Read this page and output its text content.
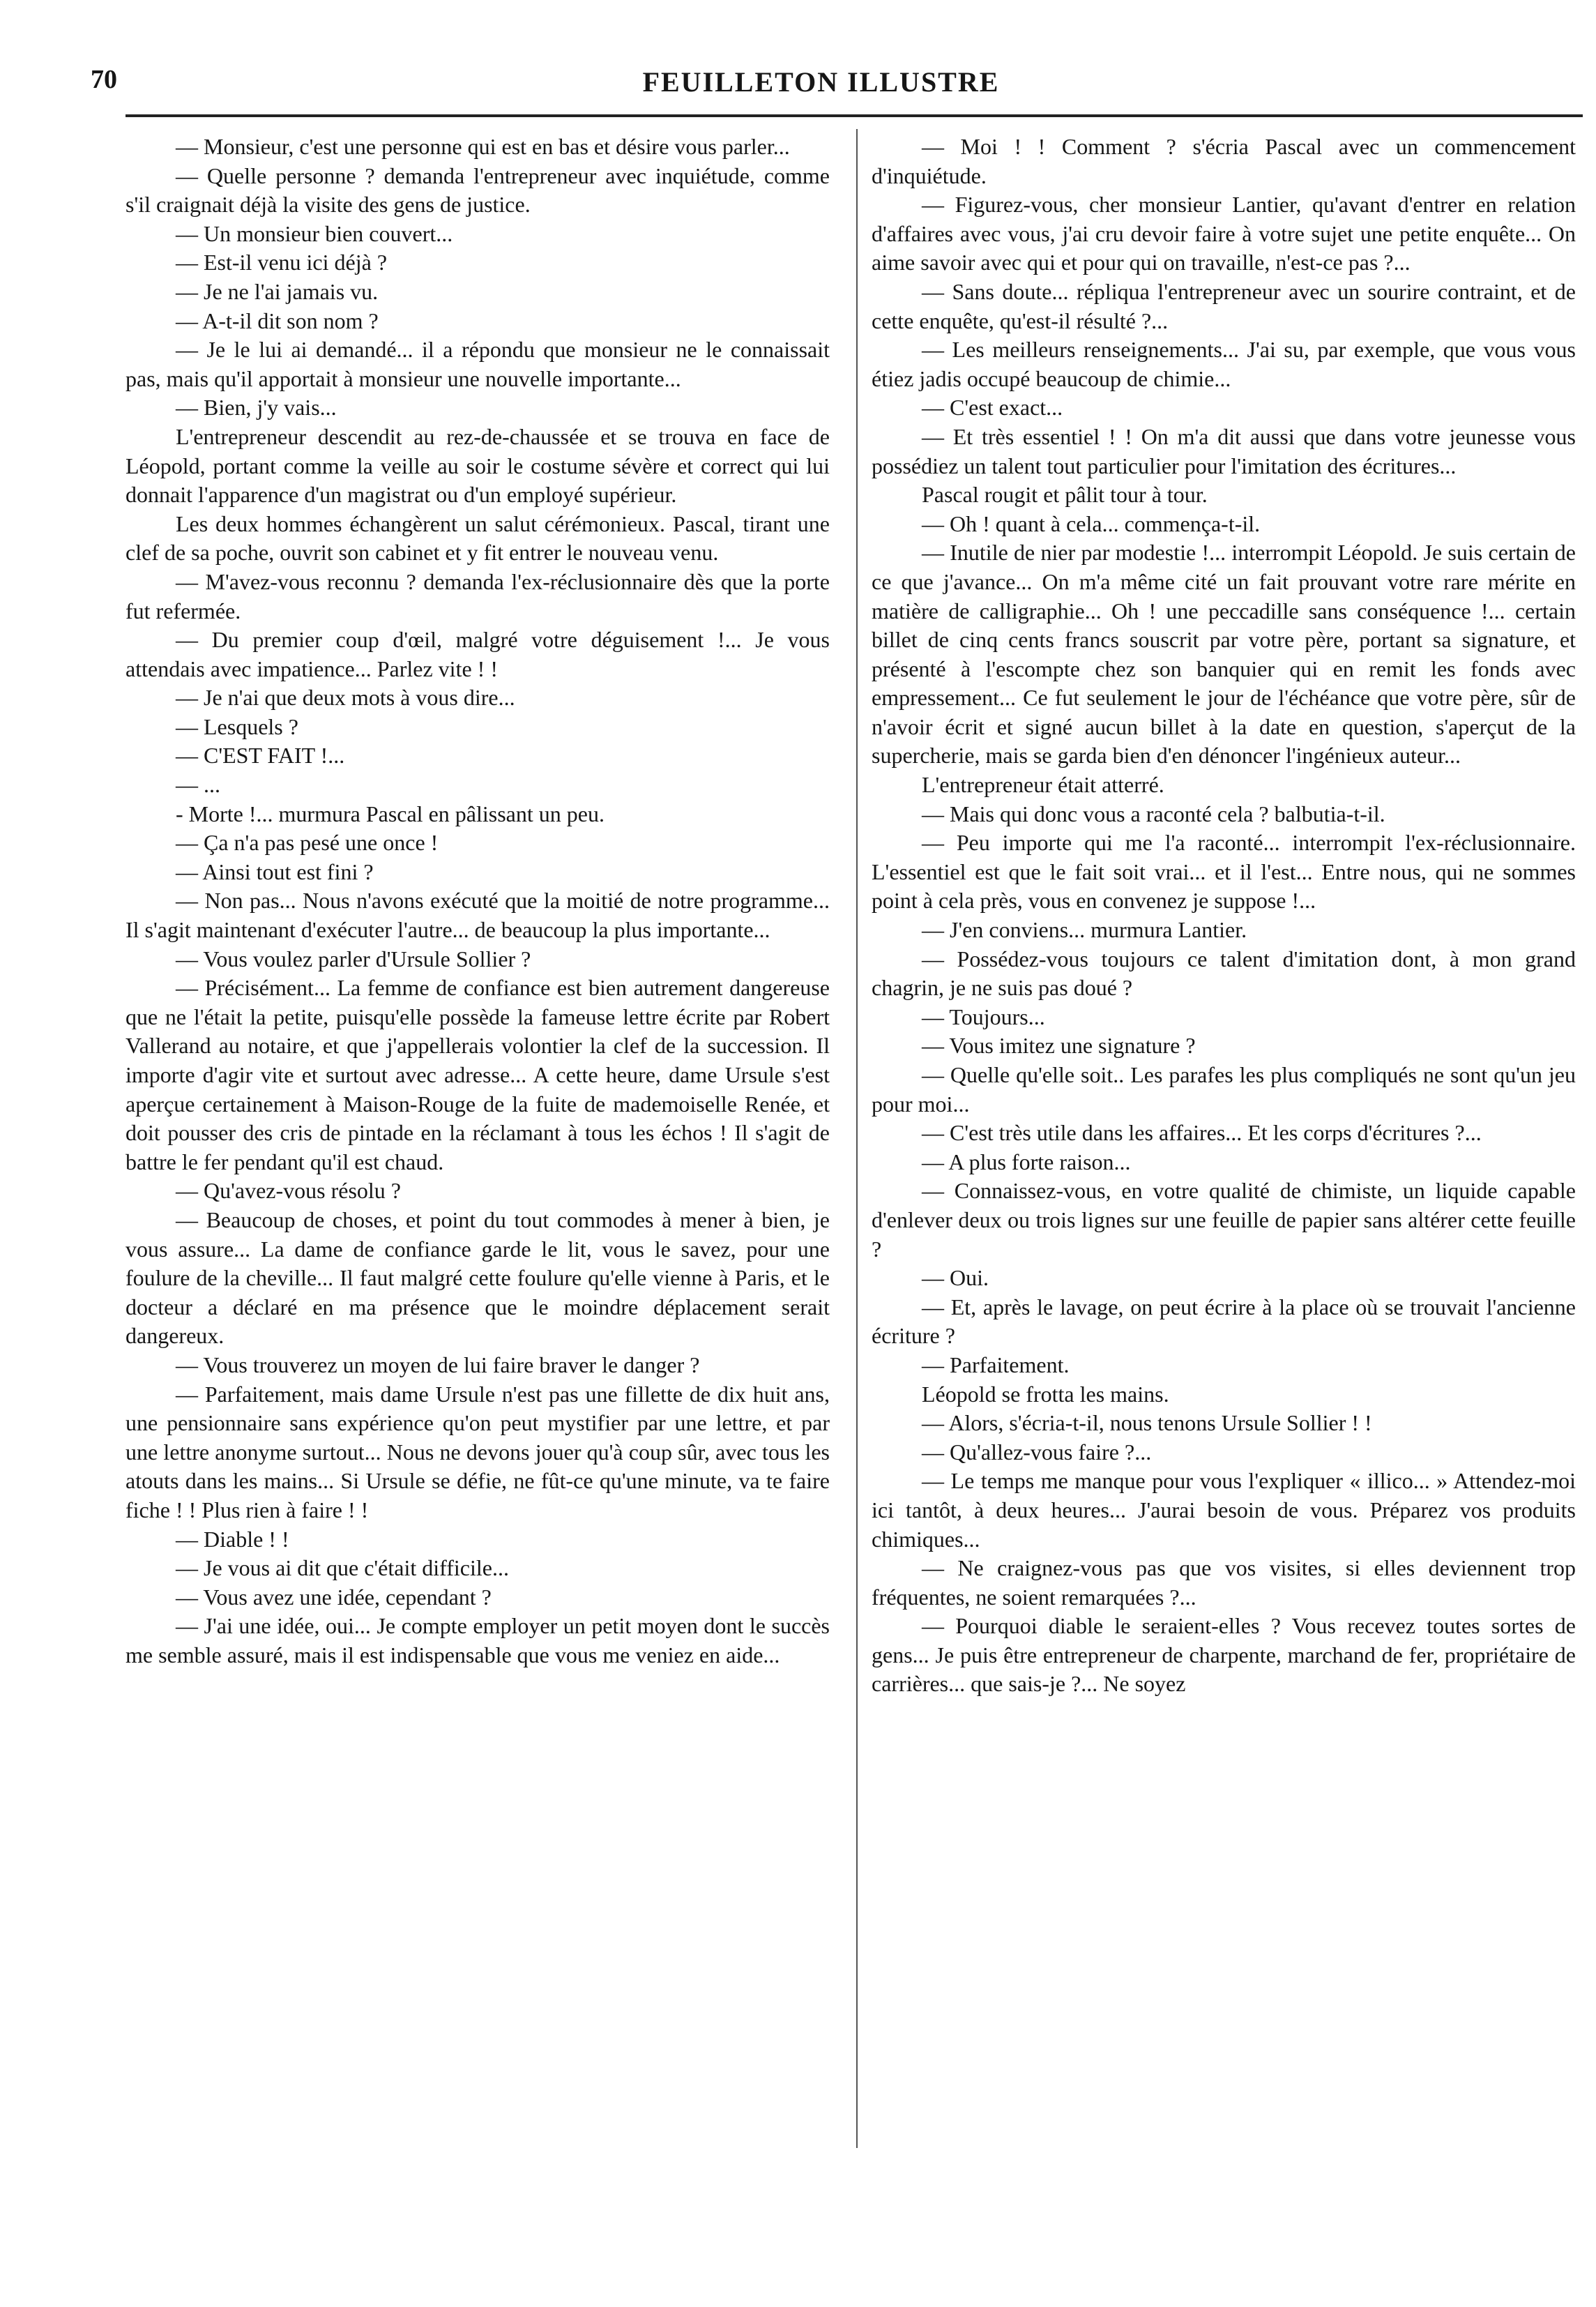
70	FEUILLETON ILLUSTRE

— Monsieur, c'est une personne qui est en bas et désire vous parler...

— Quelle personne ? demanda l'entrepreneur avec inquiétude, comme s'il craignait déjà la visite des gens de justice.

— Un monsieur bien couvert...

— Est-il venu ici déjà ?

— Je ne l'ai jamais vu.

— A-t-il dit son nom ?

— Je le lui ai demandé... il a répondu que monsieur ne le connaissait pas, mais qu'il apportait à monsieur une nouvelle importante...

— Bien, j'y vais...

L'entrepreneur descendit au rez-de-chaussée et se trouva en face de Léopold, portant comme la veille au soir le costume sévère et correct qui lui donnait l'apparence d'un magistrat ou d'un employé supérieur.

Les deux hommes échangèrent un salut cérémonieux. Pascal, tirant une clef de sa poche, ouvrit son cabinet et y fit entrer le nouveau venu.

— M'avez-vous reconnu ? demanda l'ex-réclusionnaire dès que la porte fut refermée.

— Du premier coup d'œil, malgré votre déguisement !... Je vous attendais avec impatience... Parlez vite ! !

— Je n'ai que deux mots à vous dire...

— Lesquels ?

— C'EST FAIT !...

— ...

- Morte !... murmura Pascal en pâlissant un peu.

— Ça n'a pas pesé une once !

— Ainsi tout est fini ?

— Non pas... Nous n'avons exécuté que la moitié de notre programme... Il s'agit maintenant d'exécuter l'autre... de beaucoup la plus importante...

— Vous voulez parler d'Ursule Sollier ?

— Précisément... La femme de confiance est bien autrement dangereuse que ne l'était la petite, puisqu'elle possède la fameuse lettre écrite par Robert Vallerand au notaire, et que j'appellerais volontier la clef de la succession. Il importe d'agir vite et surtout avec adresse... A cette heure, dame Ursule s'est aperçue certainement à Maison-Rouge de la fuite de mademoiselle Renée, et doit pousser des cris de pintade en la réclamant à tous les échos ! Il s'agit de battre le fer pendant qu'il est chaud.

— Qu'avez-vous résolu ?

— Beaucoup de choses, et point du tout commodes à mener à bien, je vous assure... La dame de confiance garde le lit, vous le savez, pour une foulure de la cheville... Il faut malgré cette foulure qu'elle vienne à Paris, et le docteur a déclaré en ma présence que le moindre déplacement serait dangereux.

— Vous trouverez un moyen de lui faire braver le danger ?

— Parfaitement, mais dame Ursule n'est pas une fillette de dix huit ans, une pensionnaire sans expérience qu'on peut mystifier par une lettre, et par une lettre anonyme surtout... Nous ne devons jouer qu'à coup sûr, avec tous les atouts dans les mains... Si Ursule se défie, ne fût-ce qu'une minute, va te faire fiche ! ! Plus rien à faire ! !

— Diable ! !

— Je vous ai dit que c'était difficile...

— Vous avez une idée, cependant ?

— J'ai une idée, oui... Je compte employer un petit moyen dont le succès me semble assuré, mais il est indispensable que vous me veniez en aide...

— Moi ! ! Comment ? s'écria Pascal avec un commencement d'inquiétude.

— Figurez-vous, cher monsieur Lantier, qu'avant d'entrer en relation d'affaires avec vous, j'ai cru devoir faire à votre sujet une petite enquête... On aime savoir avec qui et pour qui on travaille, n'est-ce pas ?...

— Sans doute... répliqua l'entrepreneur avec un sourire contraint, et de cette enquête, qu'est-il résulté ?...

— Les meilleurs renseignements... J'ai su, par exemple, que vous vous étiez jadis occupé beaucoup de chimie...

— C'est exact...

— Et très essentiel ! ! On m'a dit aussi que dans votre jeunesse vous possédiez un talent tout particulier pour l'imitation des écritures...

Pascal rougit et pâlit tour à tour.

— Oh ! quant à cela... commença-t-il.

— Inutile de nier par modestie !... interrompit Léopold. Je suis certain de ce que j'avance... On m'a même cité un fait prouvant votre rare mérite en matière de calligraphie... Oh ! une peccadille sans conséquence !... certain billet de cinq cents francs souscrit par votre père, portant sa signature, et présenté à l'escompte chez son banquier qui en remit les fonds avec empressement... Ce fut seulement le jour de l'échéance que votre père, sûr de n'avoir écrit et signé aucun billet à la date en question, s'aperçut de la supercherie, mais se garda bien d'en dénoncer l'ingénieux auteur...

L'entrepreneur était atterré.

— Mais qui donc vous a raconté cela ? balbutia-t-il.

— Peu importe qui me l'a raconté... interrompit l'ex-réclusionnaire. L'essentiel est que le fait soit vrai... et il l'est... Entre nous, qui ne sommes point à cela près, vous en convenez je suppose !...

— J'en conviens... murmura Lantier.

— Possédez-vous toujours ce talent d'imitation dont, à mon grand chagrin, je ne suis pas doué ?

— Toujours...

— Vous imitez une signature ?

— Quelle qu'elle soit.. Les parafes les plus compliqués ne sont qu'un jeu pour moi...

— C'est très utile dans les affaires... Et les corps d'écritures ?...

— A plus forte raison...

— Connaissez-vous, en votre qualité de chimiste, un liquide capable d'enlever deux ou trois lignes sur une feuille de papier sans altérer cette feuille ?

— Oui.

— Et, après le lavage, on peut écrire à la place où se trouvait l'ancienne écriture ?

— Parfaitement.

Léopold se frotta les mains.

— Alors, s'écria-t-il, nous tenons Ursule Sollier ! !

— Qu'allez-vous faire ?...

— Le temps me manque pour vous l'expliquer « illico... » Attendez-moi ici tantôt, à deux heures... J'aurai besoin de vous. Préparez vos produits chimiques...

— Ne craignez-vous pas que vos visites, si elles deviennent trop fréquentes, ne soient remarquées ?...

— Pourquoi diable le seraient-elles ? Vous recevez toutes sortes de gens... Je puis être entrepreneur de charpente, marchand de fer, propriétaire de carrières... que sais-je ?... Ne soyez
